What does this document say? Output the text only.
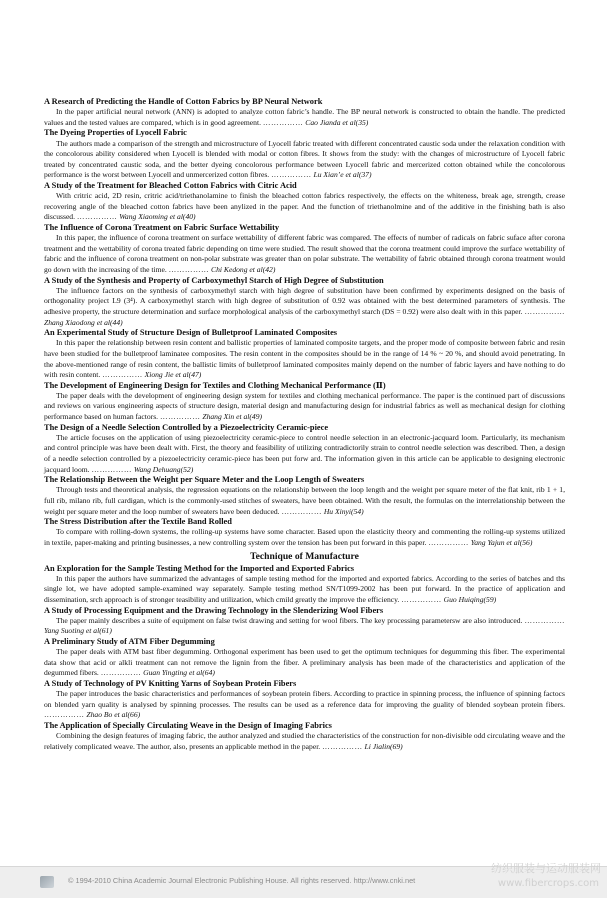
A Research of Predicting the Handle of Cotton Fabrics by BP Neural Network

In the paper artificial neural network (ANN) is adopted to analyze cotton fabric’s handle. The BP neural network is constructed to obtain the handle. The predicted values and the tested values are compared, which is in good agreement. …………… Cao Jianda et al(35)

The Dyeing Properties of Lyocell Fabric

The authors made a comparison of the strength and microstructure of Lyocell fabric treated with different concentrated caustic soda under the relaxation condition with the concolorous ability considered when Lyocell is blended with modal or cotton fibres. It shows from the study: with the changes of microstructure of Lyocell fabric treated by concentrated caustic soda, and the better dyeing concolorous performance between Lyocell fabric and mercerized cotton obtained while the concolorous performance is the worst between Lyocell and unmercerized cotton fibres. …………… Lu Xian’e et al(37)

A Study of the Treatment for Bleached Cotton Fabrics with Citric Acid

With critric acid, 2D resin, critric acid/triethanolamine to finish the bleached cotton fabrics respectively, the effects on the whiteness, break age, strength, crease recovering angle of the bleached cotton fabrics have been anylized in the paper. And the function of triethanolmine and of the additive in the finishing bath is also discussed. …………… Wang Xiaoming et al(40)

The Influence of Corona Treatment on Fabric Surface Wettability

In this paper, the influence of corona treatment on surface wettability of different fabric was compared. The effects of number of radicals on fabric suface after corona treatment and the wettability of corona treated fabric depending on time were studied. The result showed that the corona treatment could improve the surface wettability of fabric and the influence of corona treatment on non-polar substrate was greater than on polar substrate. The wettability of fabric obtained through corona treatment would go down with the increasing of the time. …………… Chi Kedong et al(42)

A Study of the Synthesis and Property of Carboxymethyl Starch of High Degree of Substitution

The influence factors on the synthesis of carboxymethyl starch with high degree of substitution have been confirmed by experiments designed on the basis of orthogonality project L9 (3⁴). A carboxymethyl starch with high degree of substitution of 0.92 was obtained with the best determined parameters of synthesis. The adhesive property, the structure determination and surface morphological analysis of the carboxymethyl starch (DS = 0.92) were also dealt with in this paper. …………… Zhang Xiaodong et al(44)

An Experimental Study of Structure Design of Bulletproof Laminated Composites

In this paper the relationship between resin content and ballistic properties of laminated composite targets, and the proper mode of composite between fabric and resin have been studied for the bulletproof laminatee composites. The resin content in the composites should be in the range of 14 % ~ 20 %, and should avoid penetrating. In the above-mentioned range of resin content, the ballistic limits of bulletproof laminated composites mainly depend on the number of fabric layers and have nothing to do with resin content. …………… Xiong Jie et al(47)

The Development of Engineering Design for Textiles and Clothing Mechanical Performance (Ⅱ)

The paper deals with the development of engineering design system for textiles and clothing mechanical performance. The paper is the continued part of discussions and reviews on various engineering aspects of structure design, material design and manufacturing design for industrial fabrics as well as mechanical design for clothing performance based on human factors. …………… Zhang Xin et al(49)

The Design of a Needle Selection Controlled by a Piezoelectricity Ceramic-piece

The article focuses on the application of using piezoelectricity ceramic-piece to control needle selection in an electronic-jacquard loom. Particularly, its mechanism and control principle was have been dealt with. First, the theory and feasibility of utilizing contradictorily strain to control needle selection was described. Then, a design of a needle selection controlled by a piezoelectricity ceramic-piece has been put forw ard. The information given in this article can be applicable to designing electronic jacquard loom. …………… Wang Dehuang(52)

The Relationship Between the Weight per Square Meter and the Loop Length of Sweaters

Through tests and theoretical analysis, the regression equations on the relationship between the loop length and the weight per square meter of the flat knit, rib 1 + 1, full rib, milano rib, full cardigan, which is the commonly-used stitches of sweaters, have been obtained. With the result, the formulas on the interrelationship between the weight per square meter and the loop number of sweaters have been deduced. …………… Hu Xinyi(54)

The Stress Distribution after the Textile Band Rolled

To compare with rolling-down systems, the rolling-up systems have some character. Based upon the elasticity theory and commenting the rolling-up systems utilized in textile, paper-making and printing businesses, a new controlling system over the tension has been put forward in this paper. …………… Yang Yajun et al(56)

Technique of Manufacture
An Exploration for the Sample Testing Method for the Imported and Exported Fabrics

In this paper the authors have summarized the advantages of sample testing method for the imported and exported fabrics. According to the series of batches and ths single lot, we have adopted sample-examined way separately. Sample testing method SN/T1099-2002 has been put forward. In the practice of application and dissemination, srch approach is of stronger teasibility and utilization, which cmild greatly the improve the efficiency. …………… Guo Huiqing(59)

A Study of Processing Equipment and the Drawing Technology in the Slenderizing Wool Fibers

The paper mainly describes a suite of equipment on false twist drawing and setting for wool fibers. The key processing parametersw are also introduced. …………… Yang Suoting et al(61)

A Preliminary Study of ATM Fiber Degumming

The paper deals with ATM bast fiber degumming. Orthogonal experiment has been used to get the optimum techniques for degumming this fiber. The experimental data show that acid or alkli treatment can not remove the lignin from the fiber. A preliminary analysis has been made of the characteristics and application of the degummed fibers. …………… Guan Yingting et al(64)

A Study of Technology of PV Knitting Yarns of Soybean Protein Fibers

The paper introduces the basic characteristics and performances of soybean protein fibers. According to practice in spinning process, the influence of spinning factocs on blended yarn quality is analysed by spinning processes. The results can be used as a reference data for improving the guality of blended soybean protein fibers. …………… Zhao Bo et al(66)

The Application of Specially Circulating Weave in the Design of Imaging Fabrics

Combining the design features of imaging fabric, the author analyzed and studied the characteristics of the construction for non-divisible odd circulating weave and the relatively complicated weave. The author, also, presents an applicable method in the paper. …………… Li Jialin(69)

© 1994-2010 China Academic Journal Electronic Publishing House. All rights reserved. http://www.cnki.net
纺织服装与运动服装网
www.fibercrops.com
